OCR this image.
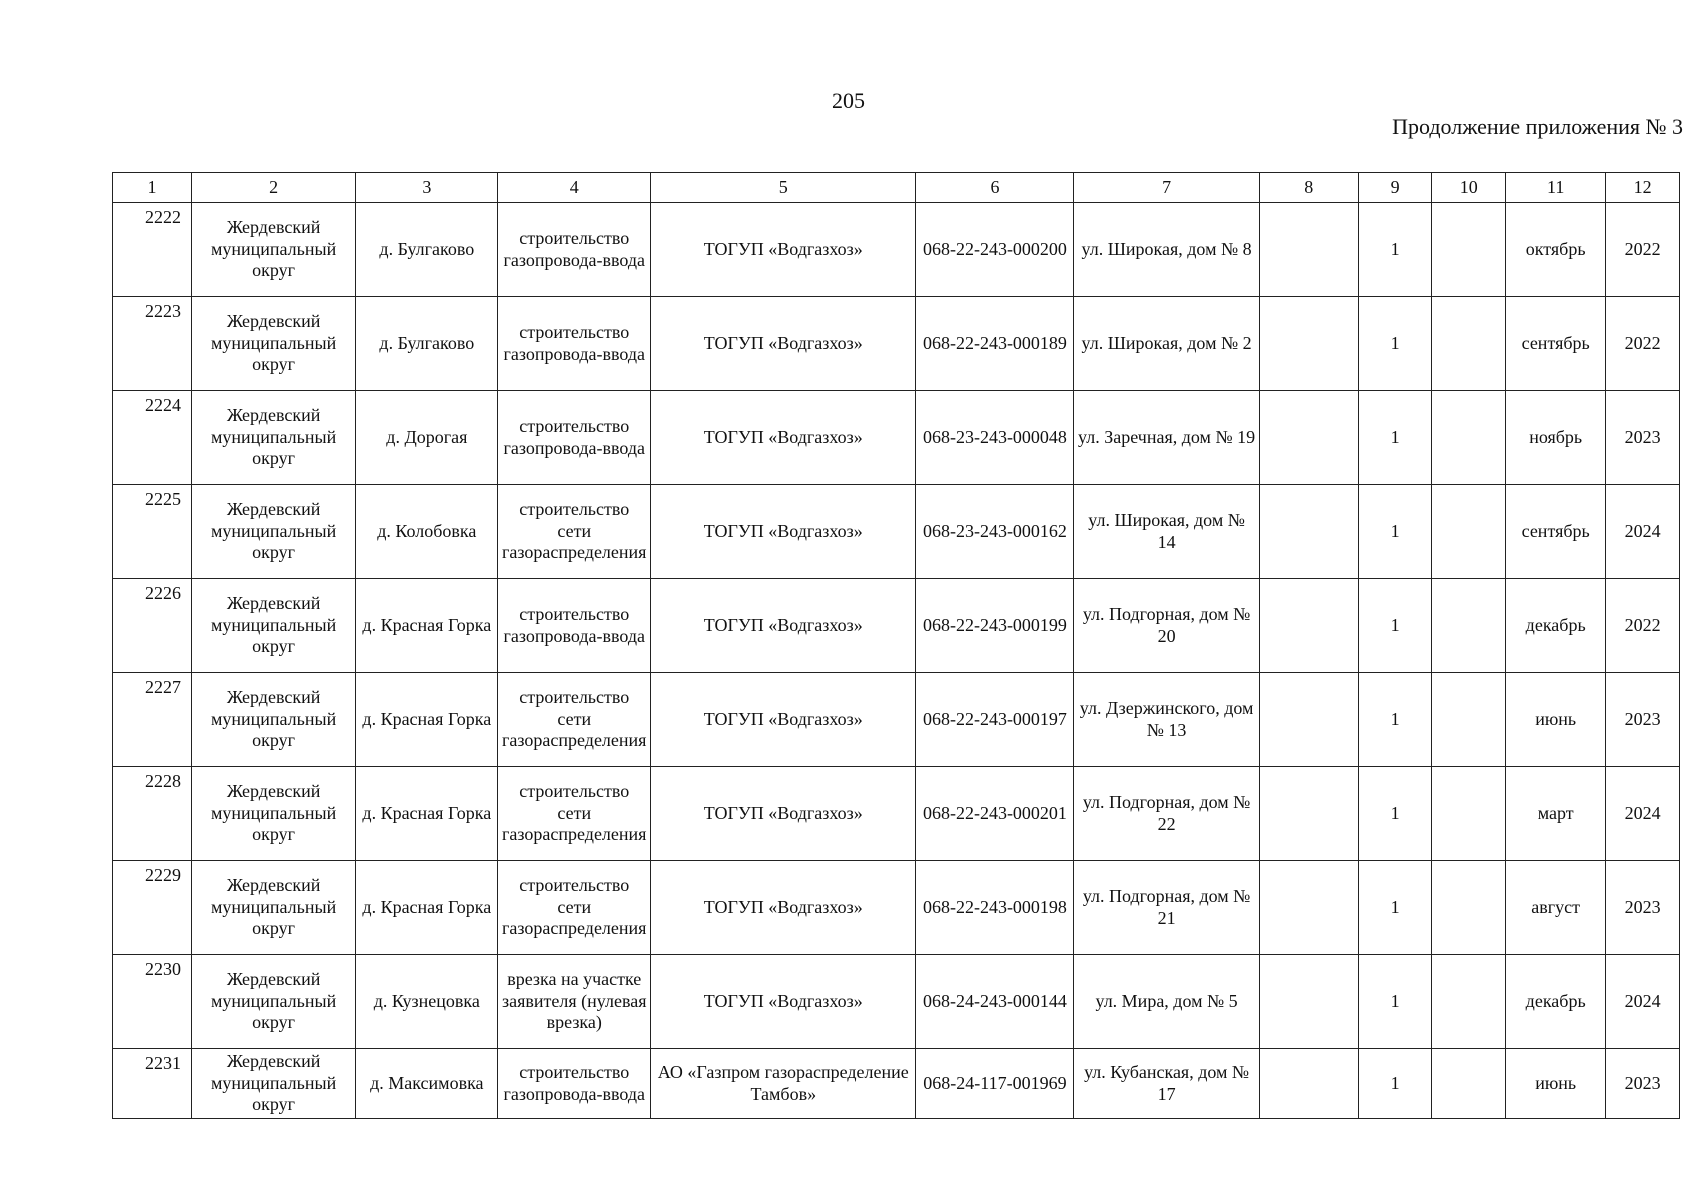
205
Продолжение приложения № 3
1	2	3	4	5	6	7	8	9	10	11	12
2222	Жердевский муниципальный округ	д. Булгаково	строительство газопровода-ввода	ТОГУП «Водгазхоз»	068-22-243-000200	ул. Широкая, дом № 8		1		октябрь	2022
2223	Жердевский муниципальный округ	д. Булгаково	строительство газопровода-ввода	ТОГУП «Водгазхоз»	068-22-243-000189	ул. Широкая, дом № 2		1		сентябрь	2022
2224	Жердевский муниципальный округ	д. Дорогая	строительство газопровода-ввода	ТОГУП «Водгазхоз»	068-23-243-000048	ул. Заречная, дом № 19		1		ноябрь	2023
2225	Жердевский муниципальный округ	д. Колобовка	строительство сети газораспределения	ТОГУП «Водгазхоз»	068-23-243-000162	ул. Широкая, дом № 14		1		сентябрь	2024
2226	Жердевский муниципальный округ	д. Красная Горка	строительство газопровода-ввода	ТОГУП «Водгазхоз»	068-22-243-000199	ул. Подгорная, дом № 20		1		декабрь	2022
2227	Жердевский муниципальный округ	д. Красная Горка	строительство сети газораспределения	ТОГУП «Водгазхоз»	068-22-243-000197	ул. Дзержинского, дом № 13		1		июнь	2023
2228	Жердевский муниципальный округ	д. Красная Горка	строительство сети газораспределения	ТОГУП «Водгазхоз»	068-22-243-000201	ул. Подгорная, дом № 22		1		март	2024
2229	Жердевский муниципальный округ	д. Красная Горка	строительство сети газораспределения	ТОГУП «Водгазхоз»	068-22-243-000198	ул. Подгорная, дом № 21		1		август	2023
2230	Жердевский муниципальный округ	д. Кузнецовка	врезка на участке заявителя (нулевая врезка)	ТОГУП «Водгазхоз»	068-24-243-000144	ул. Мира, дом № 5		1		декабрь	2024
2231	Жердевский муниципальный округ	д. Максимовка	строительство газопровода-ввода	АО «Газпром газораспределение Тамбов»	068-24-117-001969	ул. Кубанская, дом № 17		1		июнь	2023
